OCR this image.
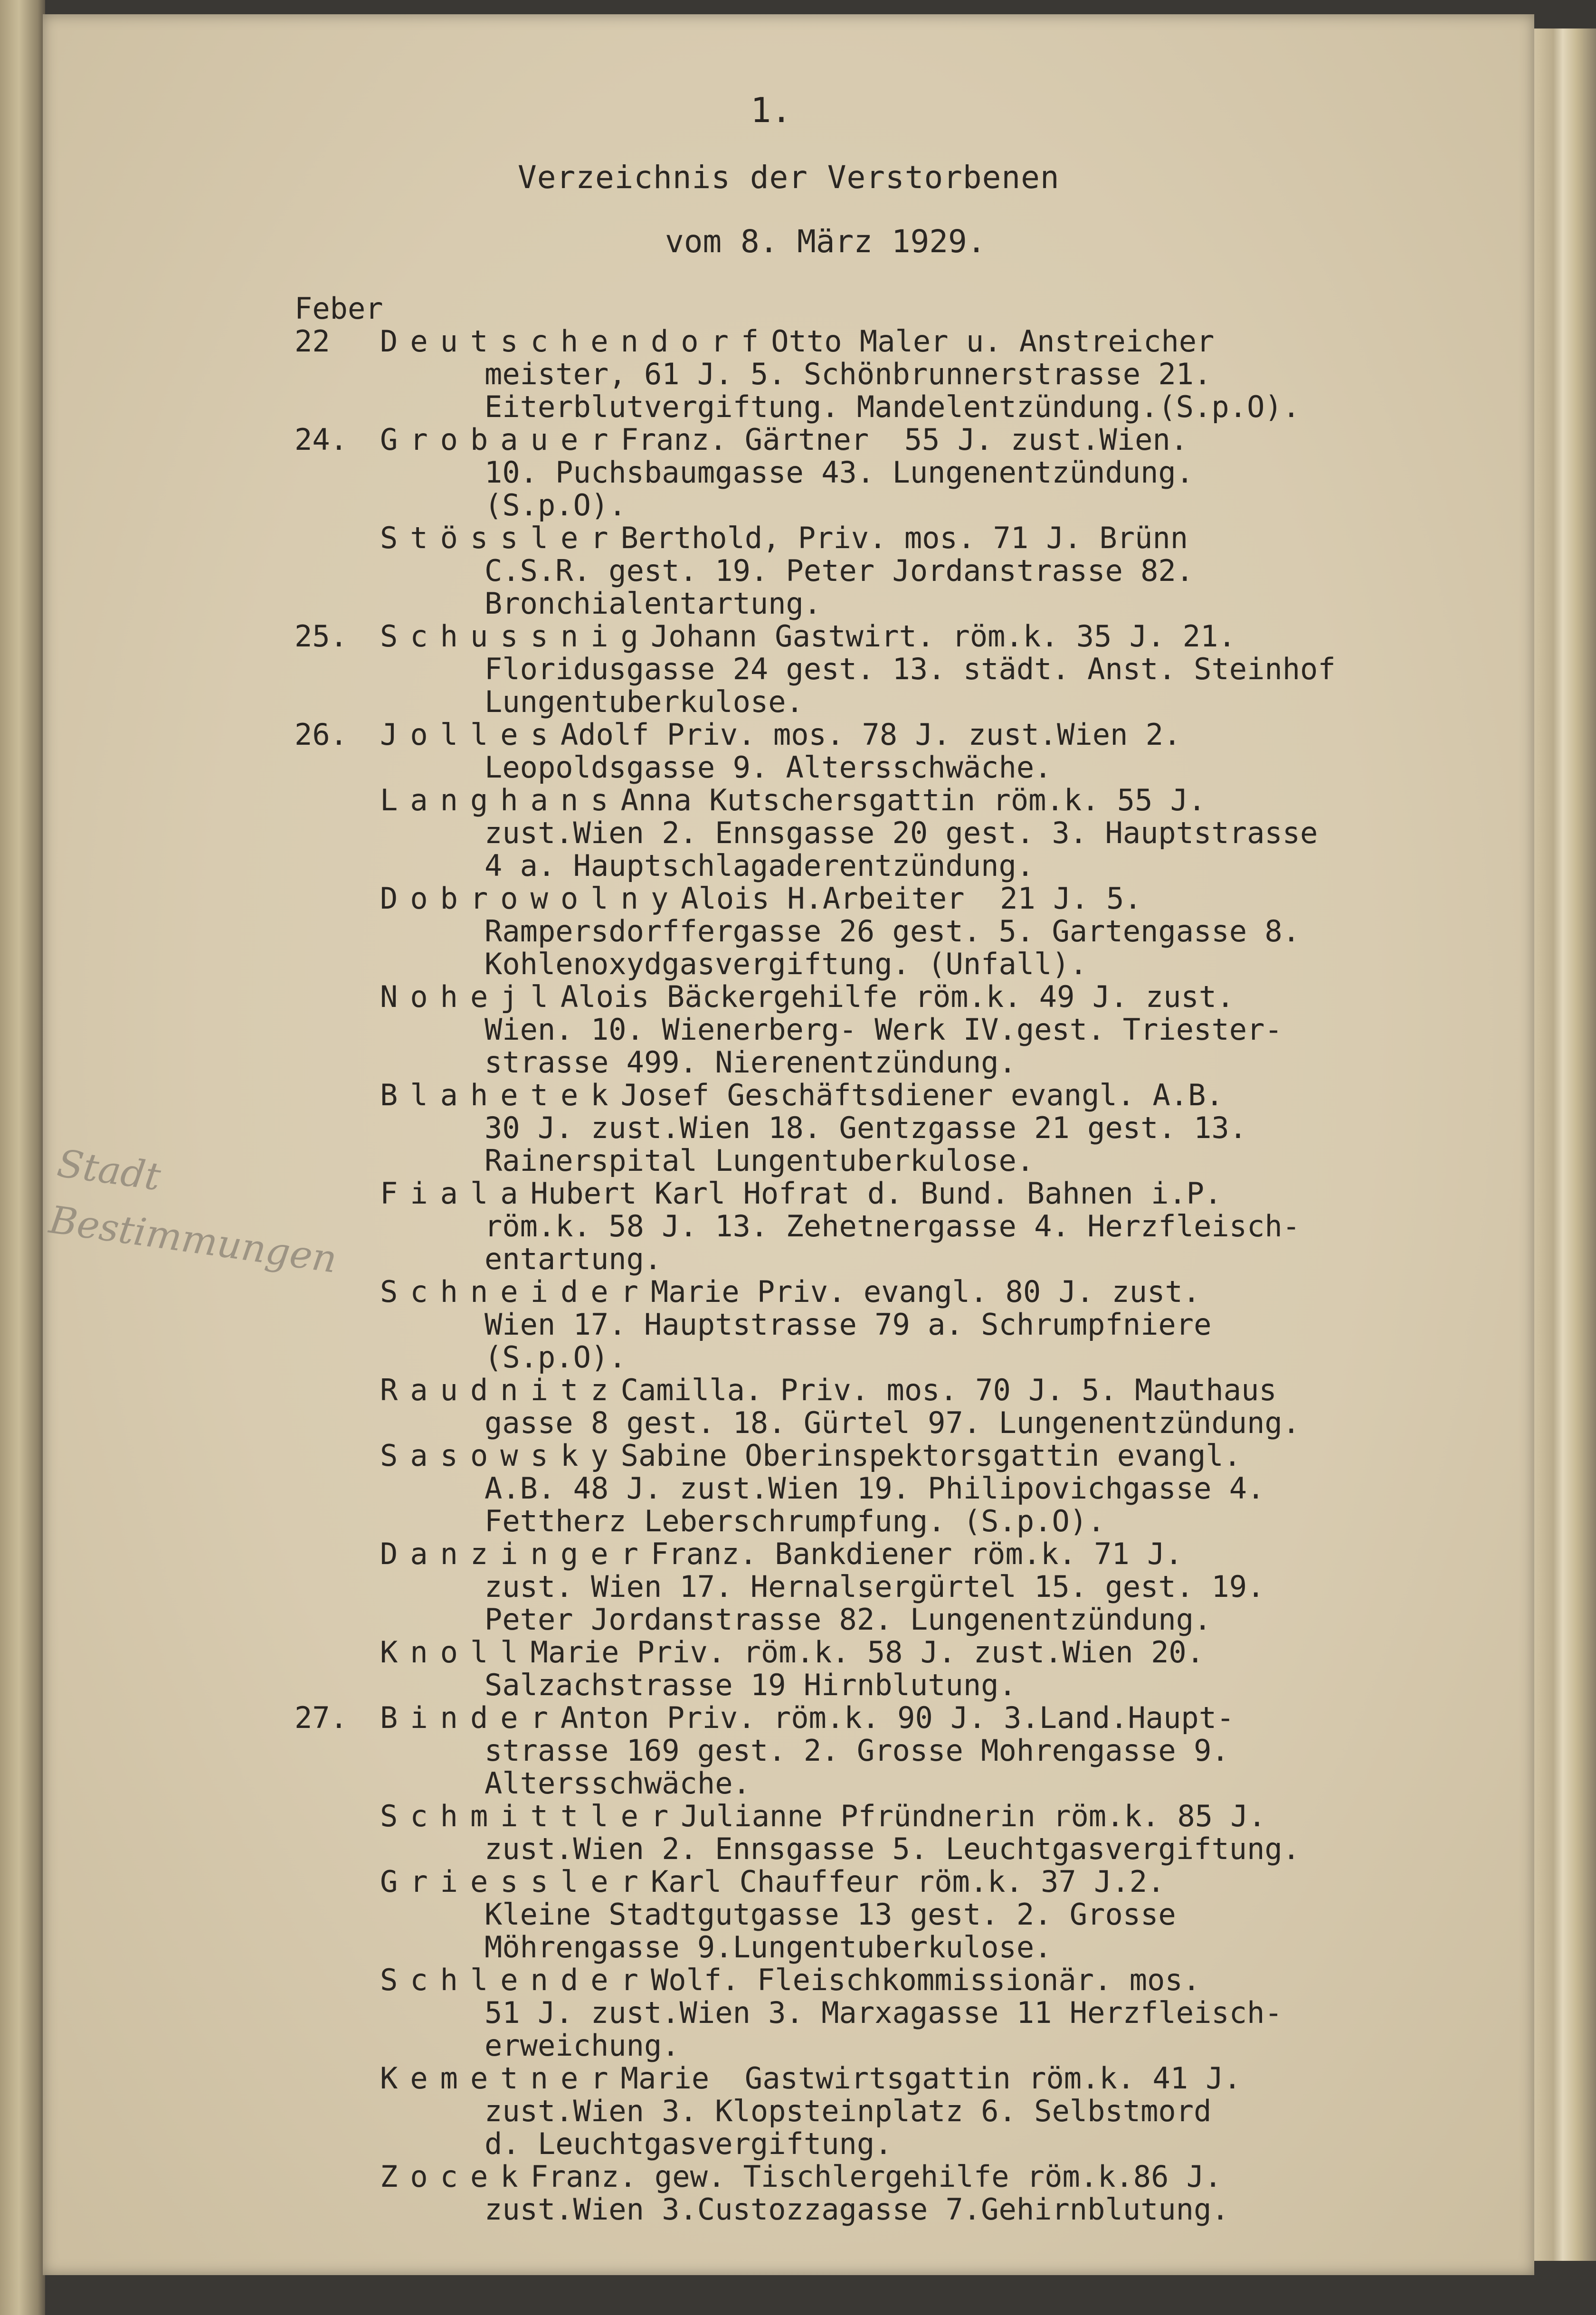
1.
Verzeichnis der Verstorbenen
vom 8. März 1929.
Stadt
Bestimmungen
Feber
22 DeutschendorfOtto Maler u. Anstreicher
meister, 61 J. 5. Schönbrunnerstrasse 21.
Eiterblutvergiftung. Mandelentzündung.(S.p.O).
24. GrobauerFranz. Gärtner  55 J. zust.Wien.
10. Puchsbaumgasse 43. Lungenentzündung.
(S.p.O).
StösslerBerthold, Priv. mos. 71 J. Brünn
C.S.R. gest. 19. Peter Jordanstrasse 82.
Bronchialentartung.
25. SchussnigJohann Gastwirt. röm.k. 35 J. 21.
Floridusgasse 24 gest. 13. städt. Anst. Steinhof
Lungentuberkulose.
26. JollesAdolf Priv. mos. 78 J. zust.Wien 2.
Leopoldsgasse 9. Altersschwäche.
LanghansAnna Kutschersgattin röm.k. 55 J.
zust.Wien 2. Ennsgasse 20 gest. 3. Hauptstrasse
4 a. Hauptschlagaderentzündung.
DobrowolnyAlois H.Arbeiter  21 J. 5.
Rampersdorffergasse 26 gest. 5. Gartengasse 8.
Kohlenoxydgasvergiftung. (Unfall).
NohejlAlois Bäckergehilfe röm.k. 49 J. zust.
Wien. 10. Wienerberg- Werk IV.gest. Triester-
strasse 499. Nierenentzündung.
BlahetekJosef Geschäftsdiener evangl. A.B.
30 J. zust.Wien 18. Gentzgasse 21 gest. 13.
Rainerspital Lungentuberkulose.
FialaHubert Karl Hofrat d. Bund. Bahnen i.P.
röm.k. 58 J. 13. Zehetnergasse 4. Herzfleisch-
entartung.
SchneiderMarie Priv. evangl. 80 J. zust.
Wien 17. Hauptstrasse 79 a. Schrumpfniere
(S.p.O).
RaudnitzCamilla. Priv. mos. 70 J. 5. Mauthaus
gasse 8 gest. 18. Gürtel 97. Lungenentzündung.
SasowskySabine Oberinspektorsgattin evangl.
A.B. 48 J. zust.Wien 19. Philipovichgasse 4.
Fettherz Leberschrumpfung. (S.p.O).
DanzingerFranz. Bankdiener röm.k. 71 J.
zust. Wien 17. Hernalsergürtel 15. gest. 19.
Peter Jordanstrasse 82. Lungenentzündung.
KnollMarie Priv. röm.k. 58 J. zust.Wien 20.
Salzachstrasse 19 Hirnblutung.
27. BinderAnton Priv. röm.k. 90 J. 3.Land.Haupt-
strasse 169 gest. 2. Grosse Mohrengasse 9.
Altersschwäche.
SchmittlerJulianne Pfründnerin röm.k. 85 J.
zust.Wien 2. Ennsgasse 5. Leuchtgasvergiftung.
GriesslerKarl Chauffeur röm.k. 37 J.2.
Kleine Stadtgutgasse 13 gest. 2. Grosse
Möhrengasse 9.Lungentuberkulose.
SchlenderWolf. Fleischkommissionär. mos.
51 J. zust.Wien 3. Marxagasse 11 Herzfleisch-
erweichung.
KemetnerMarie  Gastwirtsgattin röm.k. 41 J.
zust.Wien 3. Klopsteinplatz 6. Selbstmord
d. Leuchtgasvergiftung.
ZocekFranz. gew. Tischlergehilfe röm.k.86 J.
zust.Wien 3.Custozzagasse 7.Gehirnblutung.
